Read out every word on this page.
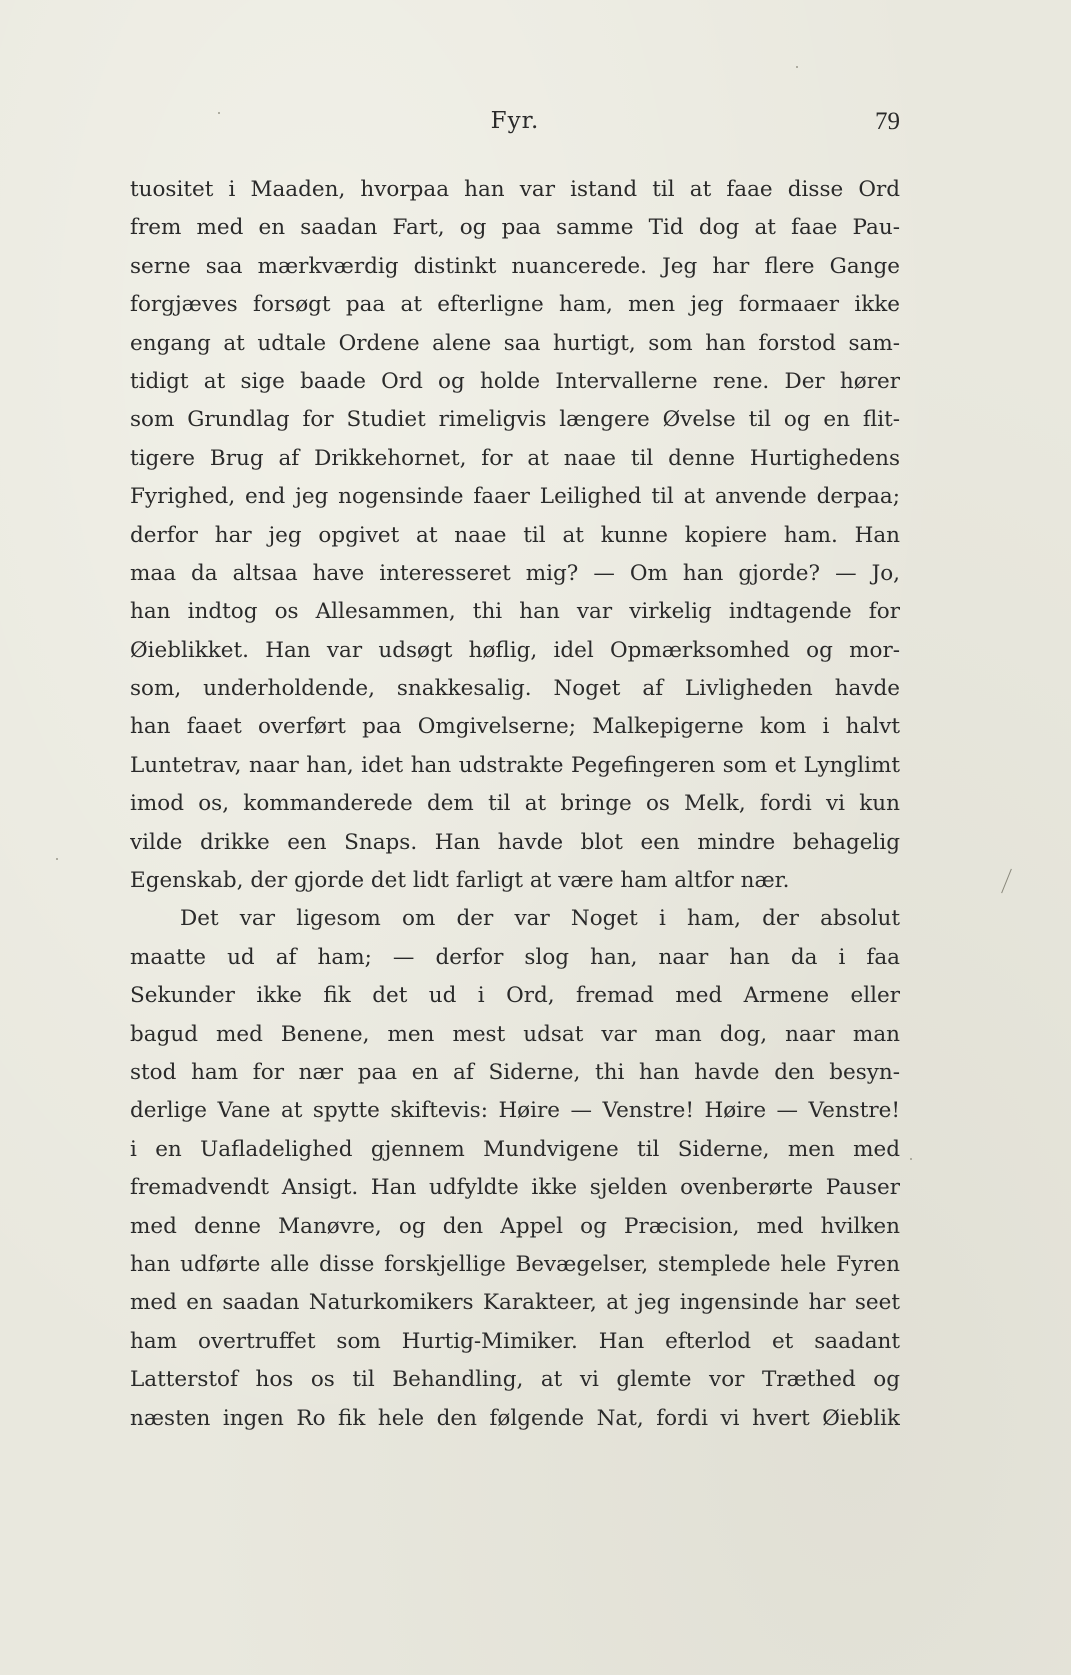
Fyr.	79
tuositet i Maaden, hvorpaa han var istand til at faae disse Ord
frem med en saadan Fart, og paa samme Tid dog at faae Pau-
serne saa mærkværdig distinkt nuancerede. Jeg har flere Gange
forgjæves forsøgt paa at efterligne ham, men jeg formaaer ikke
engang at udtale Ordene alene saa hurtigt, som han forstod sam-
tidigt at sige baade Ord og holde Intervallerne rene. Der hører
som Grundlag for Studiet rimeligvis længere Øvelse til og en flit-
tigere Brug af Drikkehornet, for at naae til denne Hurtighedens
Fyrighed, end jeg nogensinde faaer Leilighed til at anvende derpaa;
derfor har jeg opgivet at naae til at kunne kopiere ham. Han
maa da altsaa have interesseret mig? — Om han gjorde? — Jo,
han indtog os Allesammen, thi han var virkelig indtagende for
Øieblikket. Han var udsøgt høflig, idel Opmærksomhed og mor-
som, underholdende, snakkesalig. Noget af Livligheden havde
han faaet overført paa Omgivelserne; Malkepigerne kom i halvt
Luntetrav, naar han, idet han udstrakte Pegefingeren som et Lynglimt
imod os, kommanderede dem til at bringe os Melk, fordi vi kun
vilde drikke een Snaps. Han havde blot een mindre behagelig
Egenskab, der gjorde det lidt farligt at være ham altfor nær.
Det var ligesom om der var Noget i ham, der absolut
maatte ud af ham; — derfor slog han, naar han da i faa
Sekunder ikke fik det ud i Ord, fremad med Armene eller
bagud med Benene, men mest udsat var man dog, naar man
stod ham for nær paa en af Siderne, thi han havde den besyn-
derlige Vane at spytte skiftevis: Høire — Venstre! Høire — Venstre!
i en Uafladelighed gjennem Mundvigene til Siderne, men med
fremadvendt Ansigt. Han udfyldte ikke sjelden ovenberørte Pauser
med denne Manøvre, og den Appel og Præcision, med hvilken
han udførte alle disse forskjellige Bevægelser, stemplede hele Fyren
med en saadan Naturkomikers Karakteer, at jeg ingensinde har seet
ham overtruffet som Hurtig-Mimiker. Han efterlod et saadant
Latterstof hos os til Behandling, at vi glemte vor Træthed og
næsten ingen Ro fik hele den følgende Nat, fordi vi hvert Øieblik
